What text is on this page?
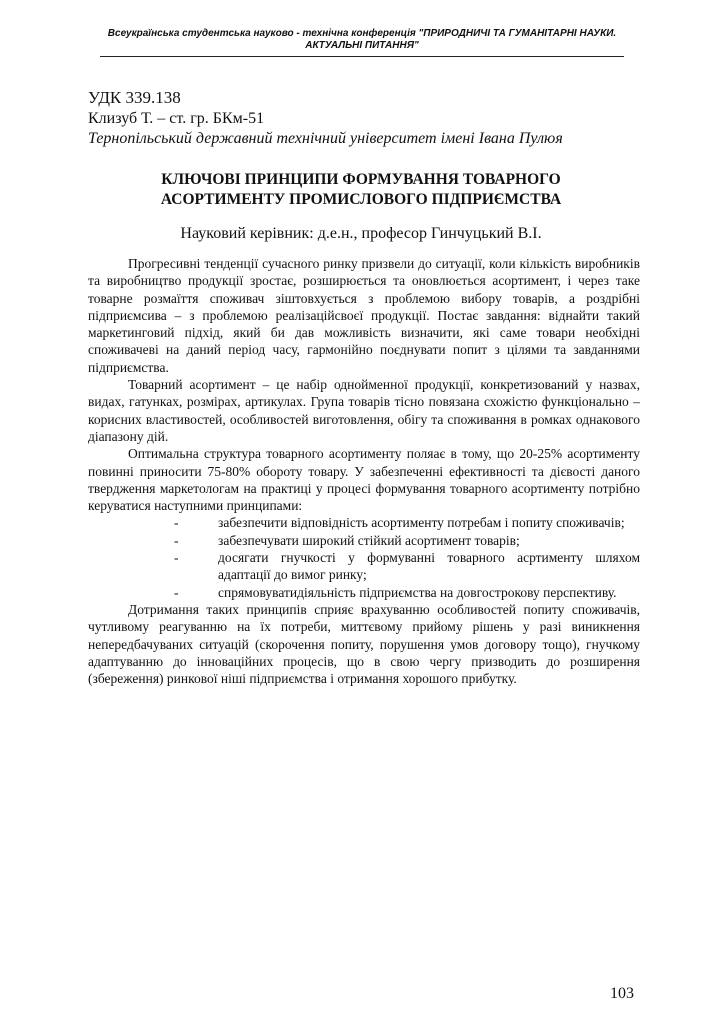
Всеукраїнська студентська науково - технічна конференція "ПРИРОДНИЧІ ТА ГУМАНІТАРНІ НАУКИ.
АКТУАЛЬНІ ПИТАННЯ"
УДК 339.138
Клизуб Т. – ст. гр. БКм-51
Тернопільський державний технічний університет імені Івана Пулюя
КЛЮЧОВІ ПРИНЦИПИ ФОРМУВАННЯ ТОВАРНОГО
АСОРТИМЕНТУ ПРОМИСЛОВОГО ПІДПРИЄМСТВА
Науковий керівник: д.е.н., професор Гинчуцький В.І.

Прогресивні тенденції сучасного ринку призвели до ситуації, коли кількість виробників та виробництво продукції зростає, розширюється та оновлюється асортимент, і через таке товарне розмаїття споживач зіштовхується з проблемою вибору товарів, а роздрібні підприємсива – з проблемою реалізаційсвоєї продукції. Постає завдання: віднайти такий маркетинговий підхід, який би дав можливість визначити, які саме товари необхідні споживачеві на даний період часу, гармонійно поєднувати попит з цілями та завданнями підприємства.

Товарний асортимент – це набір однойменної продукції, конкретизований у назвах, видах, гатунках, розмірах, артикулах. Група товарів тісно повязана схожістю функціонально – корисних властивостей, особливостей виготовлення, обігу та споживання в ромках однакового діапазону дій.

Оптимальна структура товарного асортименту поляає в тому, що 20-25% асортименту повинні приносити 75-80% обороту товару. У забезпеченні ефективності та дієвості даного твердження маркетологам на практиці у процесі формування товарного асортименту потрібно керуватися наступними принципами:

-	забезпечити відповідність асортименту потребам і попиту споживачів;
-	забезпечувати широкий стійкий асортимент товарів;
-	досягати гнучкості у формуванні товарного асртименту шляхом адаптації до вимог ринку;
-	спрямовуватидіяльність підприємства на довгострокову перспективу.

Дотримання таких принципів сприяє врахуванню особливостей попиту споживачів, чутливому реагуванню на їх потреби, миттєвому прийому рішень у разі виникнення непередбачуваних ситуацій (скорочення попиту, порушення умов договору тощо), гнучкому адаптуванню до інноваційних процесів, що в свою чергу призводить до розширення (збереження) ринкової ніші підприємства і отримання хорошого прибутку.

103
